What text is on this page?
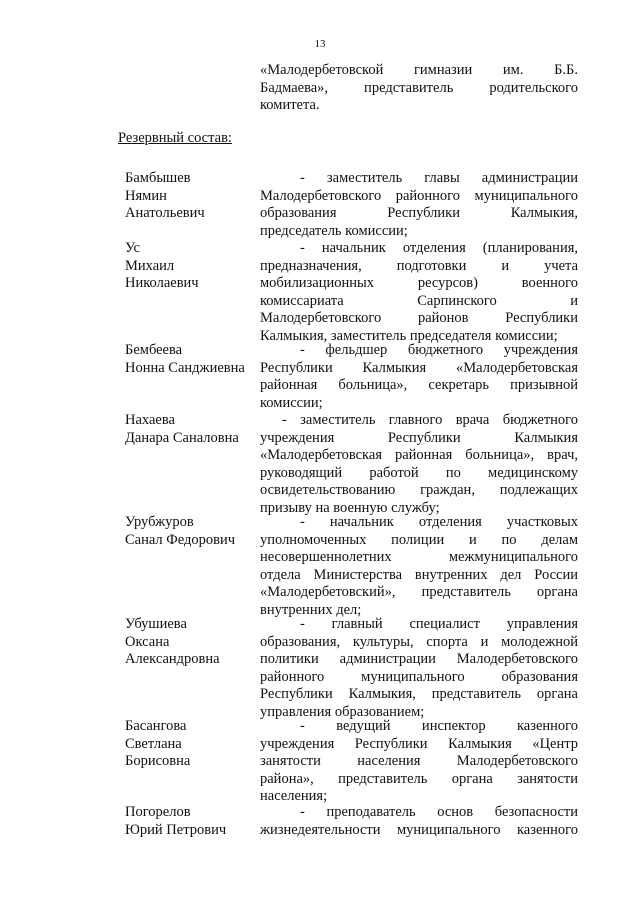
13
«Малодербетовской гимназии им. Б.Б.
Бадмаева», представитель родительского
комитета.
Резервный состав:
Бамбышев
Нямин
Анатольевич
- заместитель главы администрации
Малодербетовского районного муниципального
образования Республики Калмыкия,
председатель комиссии;
Ус
Михаил
Николаевич
- начальник отделения (планирования,
предназначения, подготовки и учета
мобилизационных ресурсов) военного
комиссариата Сарпинского и
Малодербетовского районов Республики
Калмыкия, заместитель председателя комиссии;
Бембеева
Нонна Санджиевна
- фельдшер бюджетного учреждения
Республики Калмыкия «Малодербетовская
районная больница», секретарь призывной
комиссии;
Нахаева
Данара Саналовна
- заместитель главного врача бюджетного
учреждения Республики Калмыкия
«Малодербетовская районная больница», врач,
руководящий работой по медицинскому
освидетельствованию граждан, подлежащих
призыву на военную службу;
Урубжуров
Санал Федорович
- начальник отделения участковых
уполномоченных полиции и по делам
несовершеннолетних межмуниципального
отдела Министерства внутренних дел России
«Малодербетовский», представитель органа
внутренних дел;
Убушиева
Оксана
Александровна
- главный специалист управления
образования, культуры, спорта и молодежной
политики администрации Малодербетовского
районного муниципального образования
Республики Калмыкия, представитель органа
управления образованием;
Басангова
Светлана
Борисовна
- ведущий инспектор казенного
учреждения Республики Калмыкия «Центр
занятости населения Малодербетовского
района», представитель органа занятости
населения;
Погорелов
Юрий Петрович
- преподаватель основ безопасности
жизнедеятельности муниципального казенного
